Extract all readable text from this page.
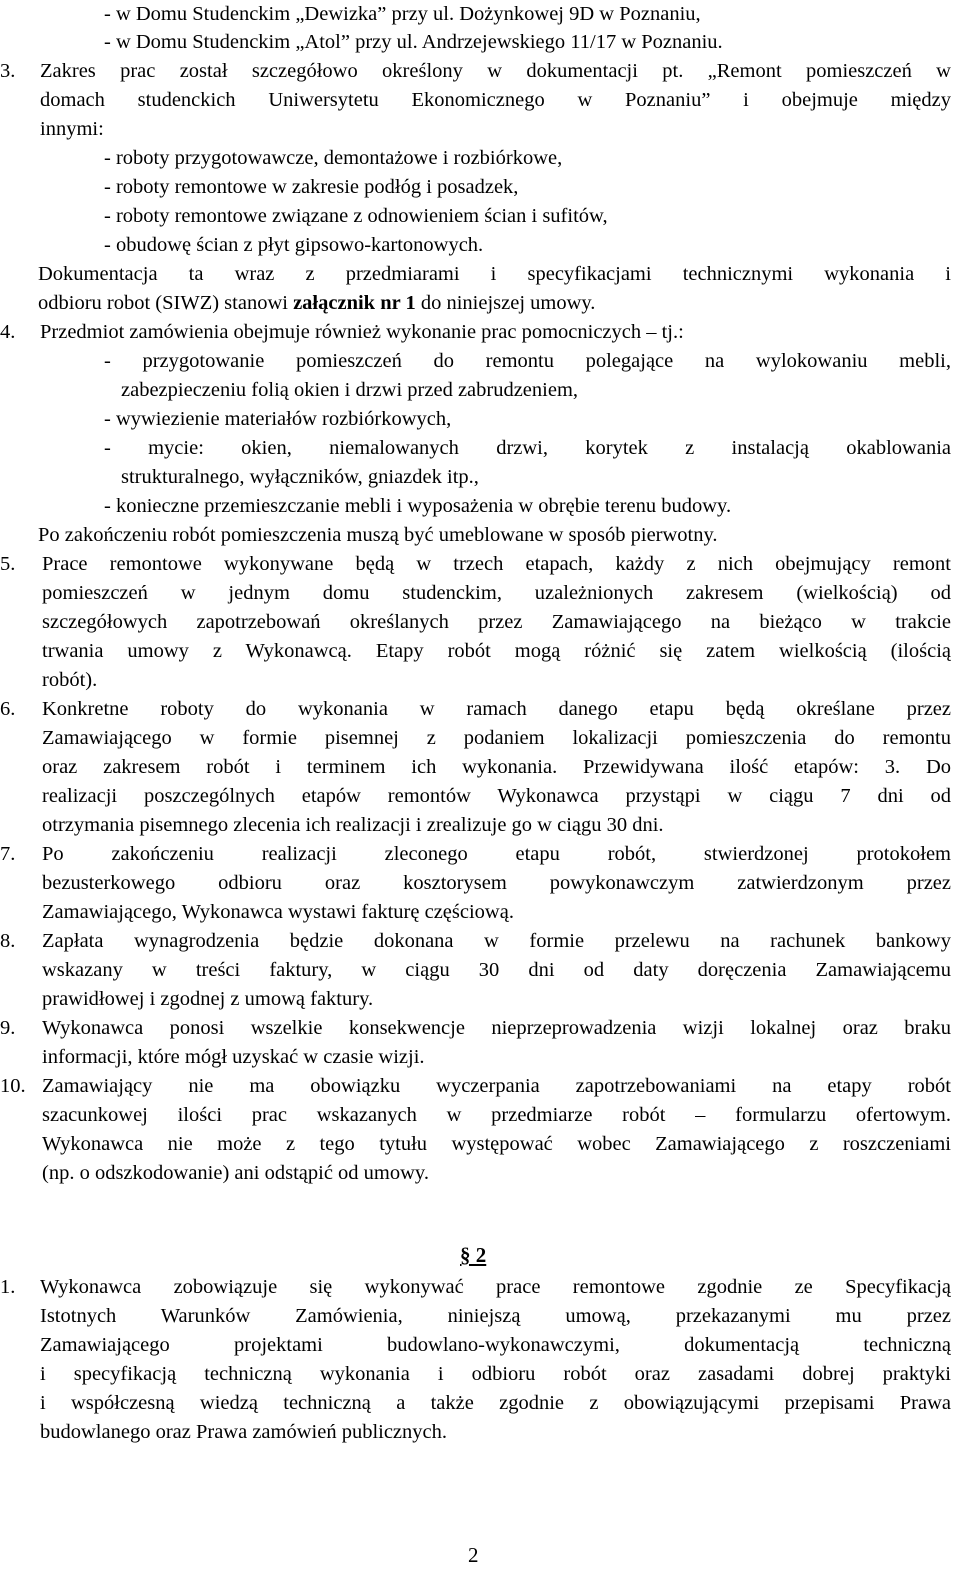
- w Domu Studenckim „Dewizka” przy ul. Dożynkowej 9D w Poznaniu,
- w Domu Studenckim „Atol” przy ul. Andrzejewskiego 11/17 w Poznaniu.
3. Zakres prac został szczegółowo określony w dokumentacji pt. „Remont pomieszczeń w
domach studenckich Uniwersytetu Ekonomicznego w Poznaniu” i obejmuje między
innymi:
- roboty przygotowawcze, demontażowe i rozbiórkowe,
- roboty remontowe w zakresie podłóg i posadzek,
- roboty remontowe związane z odnowieniem ścian i sufitów,
- obudowę ścian z płyt gipsowo-kartonowych.
Dokumentacja ta wraz z przedmiarami i specyfikacjami technicznymi wykonania i
odbioru robot (SIWZ) stanowi załącznik nr 1 do niniejszej umowy.
4. Przedmiot zamówienia obejmuje również wykonanie prac pomocniczych – tj.:
- przygotowanie pomieszczeń do remontu polegające na wylokowaniu mebli,
zabezpieczeniu folią okien i drzwi przed zabrudzeniem,
- wywiezienie materiałów rozbiórkowych,
- mycie: okien, niemalowanych drzwi, korytek z instalacją okablowania
strukturalnego, wyłączników, gniazdek itp.,
- konieczne przemieszczanie mebli i wyposażenia w obrębie terenu budowy.
Po zakończeniu robót pomieszczenia muszą być umeblowane w sposób pierwotny.
5. Prace remontowe wykonywane będą w trzech etapach, każdy z nich obejmujący remont
pomieszczeń w jednym domu studenckim, uzależnionych zakresem (wielkością) od
szczegółowych zapotrzebowań określanych przez Zamawiającego na bieżąco w trakcie
trwania umowy z Wykonawcą. Etapy robót mogą różnić się zatem wielkością (ilością
robót).
6. Konkretne roboty do wykonania w ramach danego etapu będą określane przez
Zamawiającego w formie pisemnej z podaniem lokalizacji pomieszczenia do remontu
oraz zakresem robót i terminem ich wykonania. Przewidywana ilość etapów: 3. Do
realizacji poszczególnych etapów remontów Wykonawca przystąpi w ciągu 7 dni od
otrzymania pisemnego zlecenia ich realizacji i zrealizuje go w ciągu 30 dni.
7. Po zakończeniu realizacji zleconego etapu robót, stwierdzonej protokołem
bezusterkowego odbioru oraz kosztorysem powykonawczym zatwierdzonym przez
Zamawiającego, Wykonawca wystawi fakturę częściową.
8. Zapłata wynagrodzenia będzie dokonana w formie przelewu na rachunek bankowy
wskazany w treści faktury, w ciągu 30 dni od daty doręczenia Zamawiającemu
prawidłowej i zgodnej z umową faktury.
9. Wykonawca ponosi wszelkie konsekwencje nieprzeprowadzenia wizji lokalnej oraz braku
informacji, które mógł uzyskać w czasie wizji.
10. Zamawiający nie ma obowiązku wyczerpania zapotrzebowaniami na etapy robót
szacunkowej ilości prac wskazanych w przedmiarze robót – formularzu ofertowym.
Wykonawca nie może z tego tytułu występować wobec Zamawiającego z roszczeniami
(np. o odszkodowanie) ani odstąpić od umowy.
§ 2
1. Wykonawca zobowiązuje się wykonywać prace remontowe zgodnie ze Specyfikacją
Istotnych Warunków Zamówienia, niniejszą umową, przekazanymi mu przez
Zamawiającego projektami budowlano-wykonawczymi, dokumentacją techniczną
i specyfikacją techniczną wykonania i odbioru robót oraz zasadami dobrej praktyki
i współczesną wiedzą techniczną a także zgodnie z obowiązującymi przepisami Prawa
budowlanego oraz Prawa zamówień publicznych.
2
